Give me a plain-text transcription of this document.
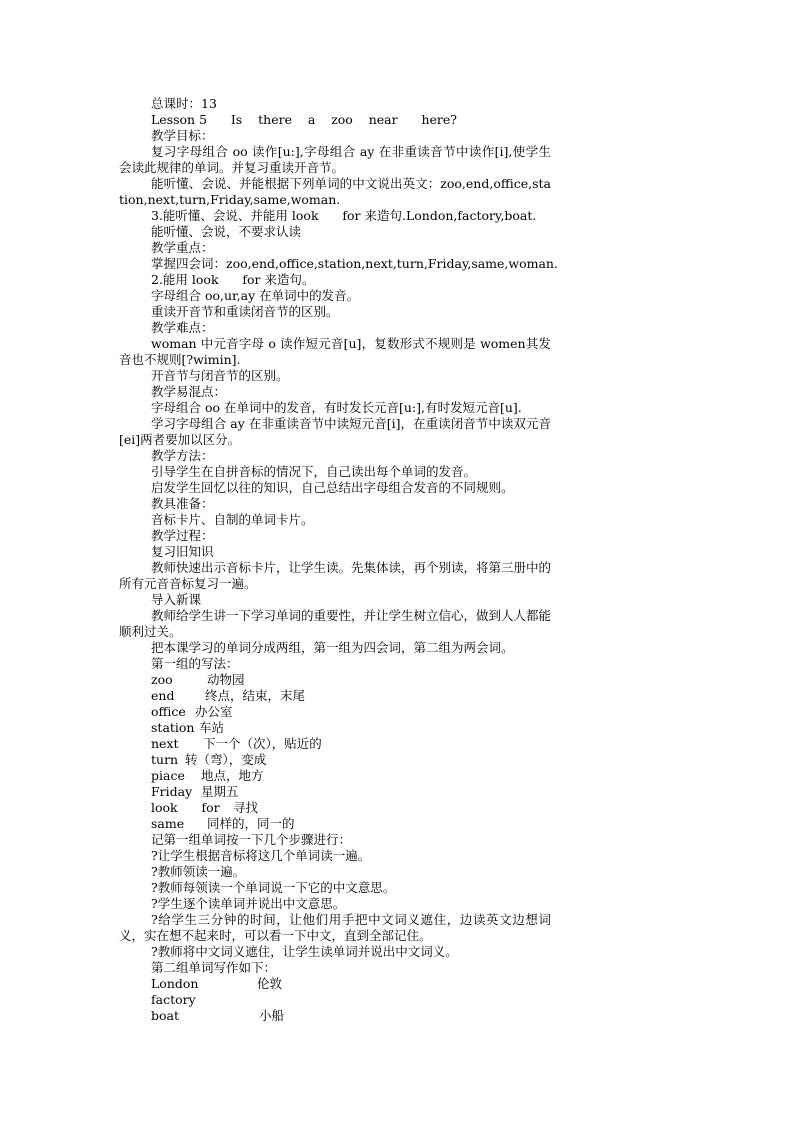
总课时：13

Lesson 5      Is    there    a    zoo    near      here?

教学目标：

复习字母组合 oo 读作[u:],字母组合 ay 在非重读音节中读作[i],使学生会读此规律的单词。并复习重读开音节。

能听懂、会说、并能根据下列单词的中文说出英文：zoo,end,office,station,next,turn,Friday,same,woman.

3.能听懂、会说、并能用 look      for 来造句.London,factory,boat.

能听懂、会说，不要求认读

教学重点：

掌握四会词：zoo,end,office,station,next,turn,Friday,same,woman.

2.能用 look      for 来造句。

字母组合 oo,ur,ay 在单词中的发音。

重读开音节和重读闭音节的区别。

教学难点：

woman 中元音字母 o 读作短元音[u]，复数形式不规则是 women其发音也不规则[?wimin].

开音节与闭音节的区别。

教学易混点：

字母组合 oo 在单词中的发音，有时发长元音[u:],有时发短元音[u].

学习字母组合 ay 在非重读音节中读短元音[i]，在重读闭音节中读双元音[ei]两者要加以区分。

教学方法：

引导学生在自拼音标的情况下，自己读出每个单词的发音。

启发学生回忆以往的知识，自己总结出字母组合发音的不同规则。

教具准备：

音标卡片、自制的单词卡片。

教学过程：

复习旧知识

教师快速出示音标卡片，让学生读。先集体读，再个别读，将第三册中的所有元音音标复习一遍。

导入新课

教师给学生讲一下学习单词的重要性，并让学生树立信心，做到人人都能顺利过关。

把本课学习的单词分成两组，第一组为四会词，第二组为两会词。

第一组的写法：

zoo	动物园
end	终点，结束，末尾
office 办公室
station 车站
next	下一个（次），贴近的
turn 转（弯），变成
piace	地点，地方
Friday 星期五
look      for	寻找
same	同样的，同一的

记第一组单词按一下几个步骤进行：

?让学生根据音标将这几个单词读一遍。

?教师领读一遍。

?教师每领读一个单词说一下它的中文意思。

?学生逐个读单词并说出中文意思。

?给学生三分钟的时间，让他们用手把中文词义遮住，边读英文边想词义，实在想不起来时，可以看一下中文，直到全部记住。

?教师将中文词义遮住，让学生读单词并说出中文词义。

第二组单词写作如下：

London	伦敦
factory
boat	小船
